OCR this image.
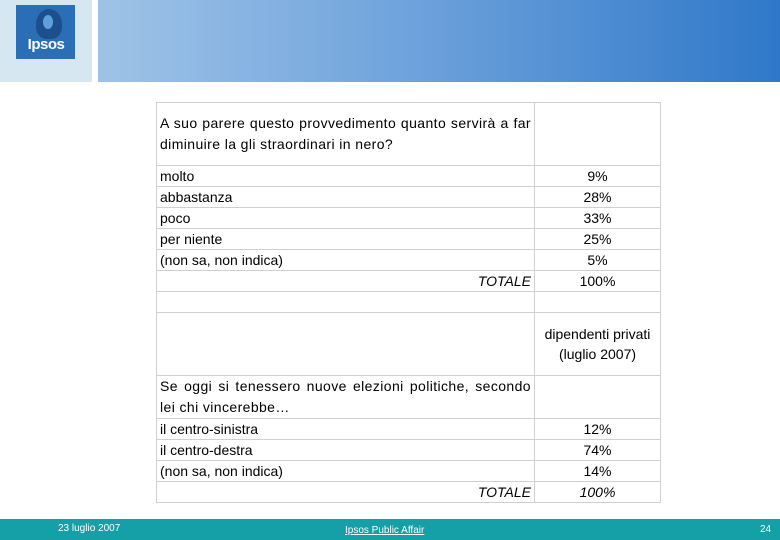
Ipsos
A suo parere questo provvedimento quanto servirà a far diminuire la gli straordinari in nero?	

molto	9%
abbastanza	28%
poco	33%
per niente	25%
(non sa, non indica)	5%
TOTALE	100%

	dipendenti privati (luglio 2007)

Se oggi si tenessero nuove elezioni politiche, secondo lei chi vincerebbe…	

il centro-sinistra	12%
il centro-destra	74%
(non sa, non indica)	14%
TOTALE	100%
23 luglio 2007	Ipsos Public Affair	24
